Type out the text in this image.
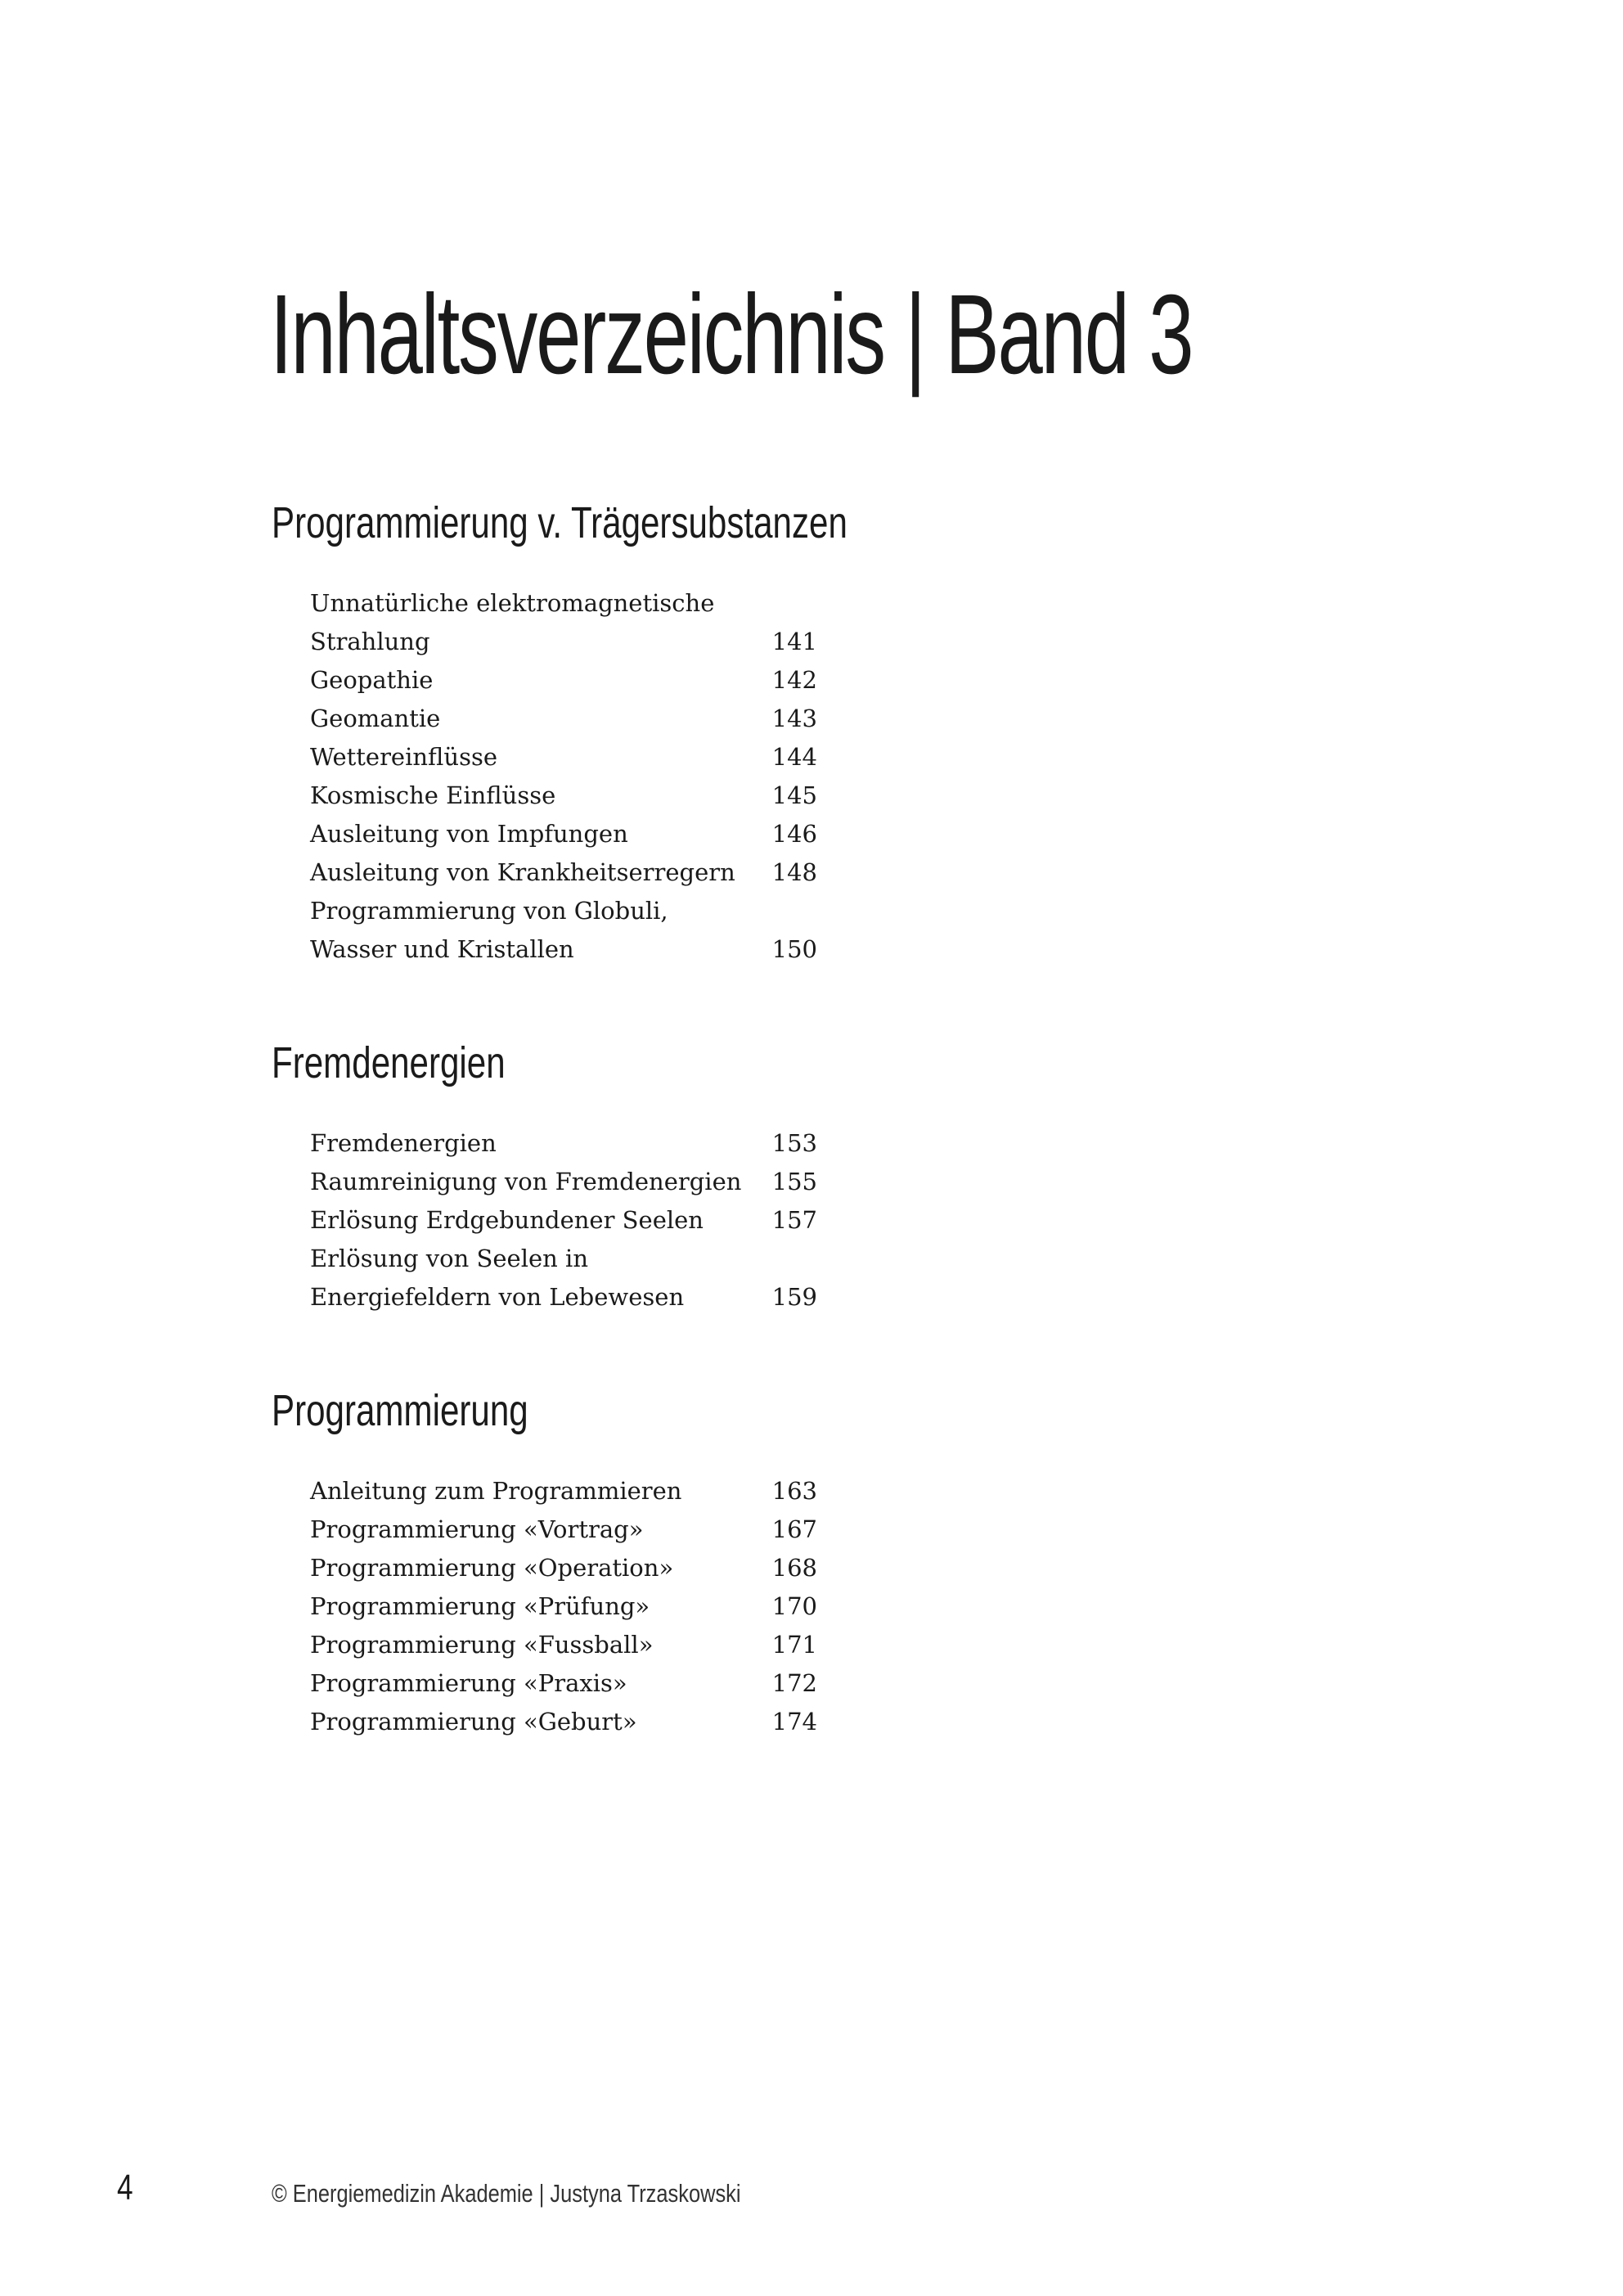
Inhaltsverzeichnis | Band 3
Programmierung v. Trägersubstanzen
Unnatürliche elektromagnetische
Strahlung	141
Geopathie	142
Geomantie	143
Wettereinflüsse	144
Kosmische Einflüsse	145
Ausleitung von Impfungen	146
Ausleitung von Krankheitserregern 148
Programmierung von Globuli,
Wasser und Kristallen	150
Fremdenergien
Fremdenergien	153
Raumreinigung von Fremdenergien 155
Erlösung Erdgebundener Seelen	157
Erlösung von Seelen in
Energiefeldern von Lebewesen	159
Programmierung
Anleitung zum Programmieren	163
Programmierung «Vortrag»	167
Programmierung «Operation»	168
Programmierung «Prüfung»	170
Programmierung «Fussball»	171
Programmierung «Praxis»	172
Programmierung «Geburt»	174
4	© Energiemedizin Akademie | Justyna Trzaskowski
